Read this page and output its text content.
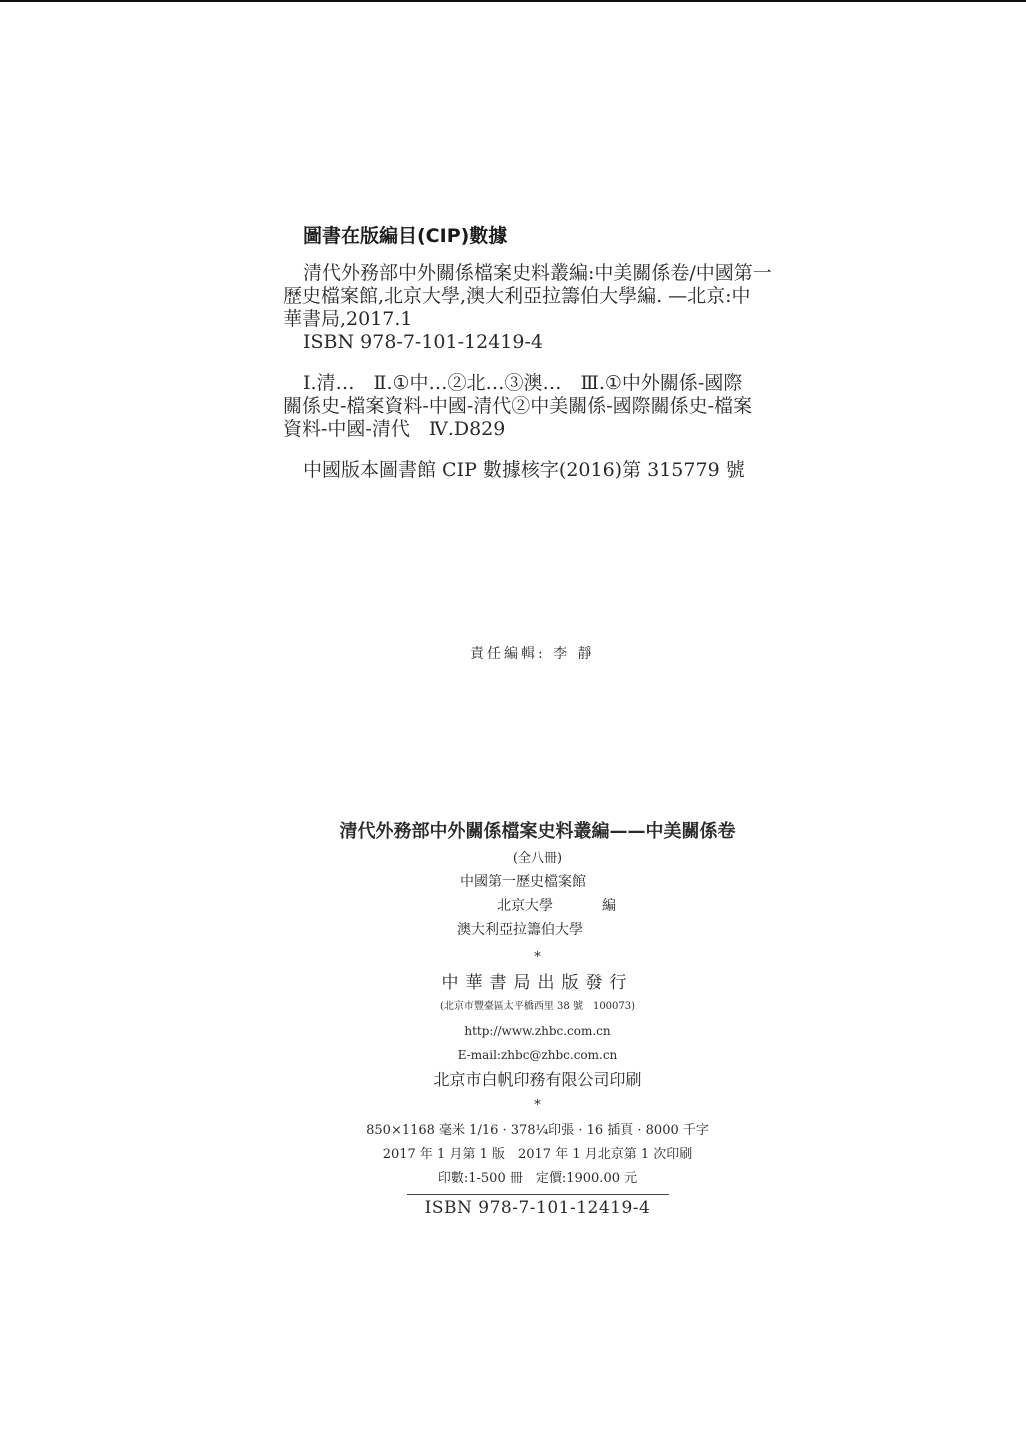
圖書在版編目(CIP)數據
清代外務部中外關係檔案史料叢編:中美關係卷/中國第一
歷史檔案館,北京大學,澳大利亞拉籌伯大學編. —北京:中
華書局,2017.1
ISBN 978-7-101-12419-4
Ⅰ.清…　Ⅱ.①中…②北…③澳…　Ⅲ.①中外關係-國際
關係史-檔案資料-中國-清代②中美關係-國際關係史-檔案
資料-中國-清代　Ⅳ.D829
中國版本圖書館 CIP 數據核字(2016)第 315779 號
責任編輯: 李 靜
清代外務部中外關係檔案史料叢編——中美關係卷
(全八冊)
中國第一歷史檔案館
北京大學	編
澳大利亞拉籌伯大學
*
中華書局出版發行
(北京市豐臺區太平橋西里 38 號　100073)
http://www.zhbc.com.cn
E-mail:zhbc@zhbc.com.cn
北京市白帆印務有限公司印刷
*
850×1168 毫米 1/16 · 378¼印張 · 16 插頁 · 8000 千字
2017 年 1 月第 1 版　2017 年 1 月北京第 1 次印刷
印數:1-500 冊　定價:1900.00 元
ISBN 978-7-101-12419-4
